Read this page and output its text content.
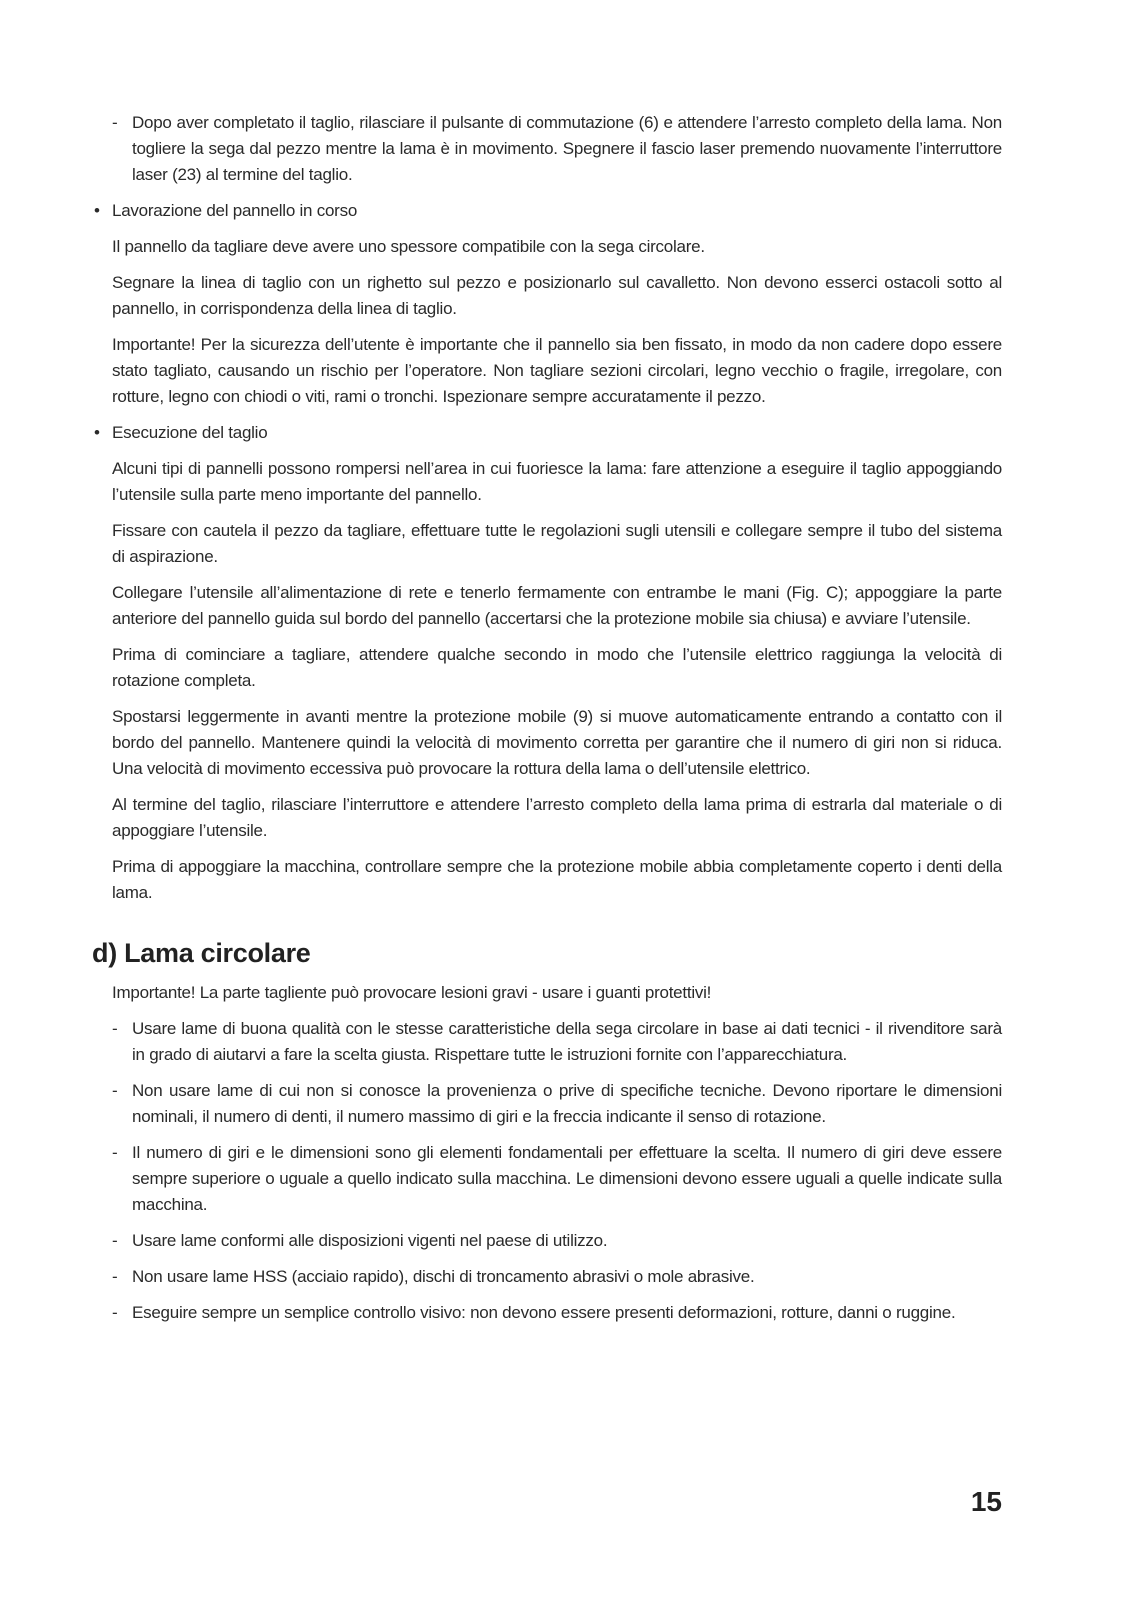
- Dopo aver completato il taglio, rilasciare il pulsante di commutazione (6) e attendere l’arresto completo della lama. Non togliere la sega dal pezzo mentre la lama è in movimento. Spegnere il fascio laser premendo nuovamente l’interruttore laser (23) al termine del taglio.
• Lavorazione del pannello in corso

Il pannello da tagliare deve avere uno spessore compatibile con la sega circolare.

Segnare la linea di taglio con un righetto sul pezzo e posizionarlo sul cavalletto. Non devono esserci ostacoli sotto al pannello, in corrispondenza della linea di taglio.

Importante! Per la sicurezza dell’utente è importante che il pannello sia ben fissato, in modo da non cadere dopo essere stato tagliato, causando un rischio per l’operatore. Non tagliare sezioni circolari, legno vecchio o fragile, irregolare, con rotture, legno con chiodi o viti, rami o tronchi. Ispezionare sempre accuratamente il pezzo.

• Esecuzione del taglio

Alcuni tipi di pannelli possono rompersi nell’area in cui fuoriesce la lama: fare attenzione a eseguire il taglio appoggiando l’utensile sulla parte meno importante del pannello.

Fissare con cautela il pezzo da tagliare, effettuare tutte le regolazioni sugli utensili e collegare sempre il tubo del sistema di aspirazione.

Collegare l’utensile all’alimentazione di rete e tenerlo fermamente con entrambe le mani (Fig. C); appoggiare la parte anteriore del pannello guida sul bordo del pannello (accertarsi che la protezione mobile sia chiusa) e avviare l’utensile.

Prima di cominciare a tagliare, attendere qualche secondo in modo che l’utensile elettrico raggiunga la velocità di rotazione completa.

Spostarsi leggermente in avanti mentre la protezione mobile (9) si muove automaticamente entrando a contatto con il bordo del pannello. Mantenere quindi la velocità di movimento corretta per garantire che il numero di giri non si riduca. Una velocità di movimento eccessiva può provocare la rottura della lama o dell’utensile elettrico.

Al termine del taglio, rilasciare l’interruttore e attendere l’arresto completo della lama prima di estrarla dal materiale o di appoggiare l’utensile.

Prima di appoggiare la macchina, controllare sempre che la protezione mobile abbia completamente coperto i denti della lama.

d) Lama circolare

Importante! La parte tagliente può provocare lesioni gravi - usare i guanti protettivi!

- Usare lame di buona qualità con le stesse caratteristiche della sega circolare in base ai dati tecnici - il rivenditore sarà in grado di aiutarvi a fare la scelta giusta. Rispettare tutte le istruzioni fornite con l’apparecchiatura.
- Non usare lame di cui non si conosce la provenienza o prive di specifiche tecniche. Devono riportare le dimensioni nominali, il numero di denti, il numero massimo di giri e la freccia indicante il senso di rotazione.
- Il numero di giri e le dimensioni sono gli elementi fondamentali per effettuare la scelta. Il numero di giri deve essere sempre superiore o uguale a quello indicato sulla macchina. Le dimensioni devono essere uguali a quelle indicate sulla macchina.
- Usare lame conformi alle disposizioni vigenti nel paese di utilizzo.
- Non usare lame HSS (acciaio rapido), dischi di troncamento abrasivi o mole abrasive.
- Eseguire sempre un semplice controllo visivo: non devono essere presenti deformazioni, rotture, danni o ruggine.
15
